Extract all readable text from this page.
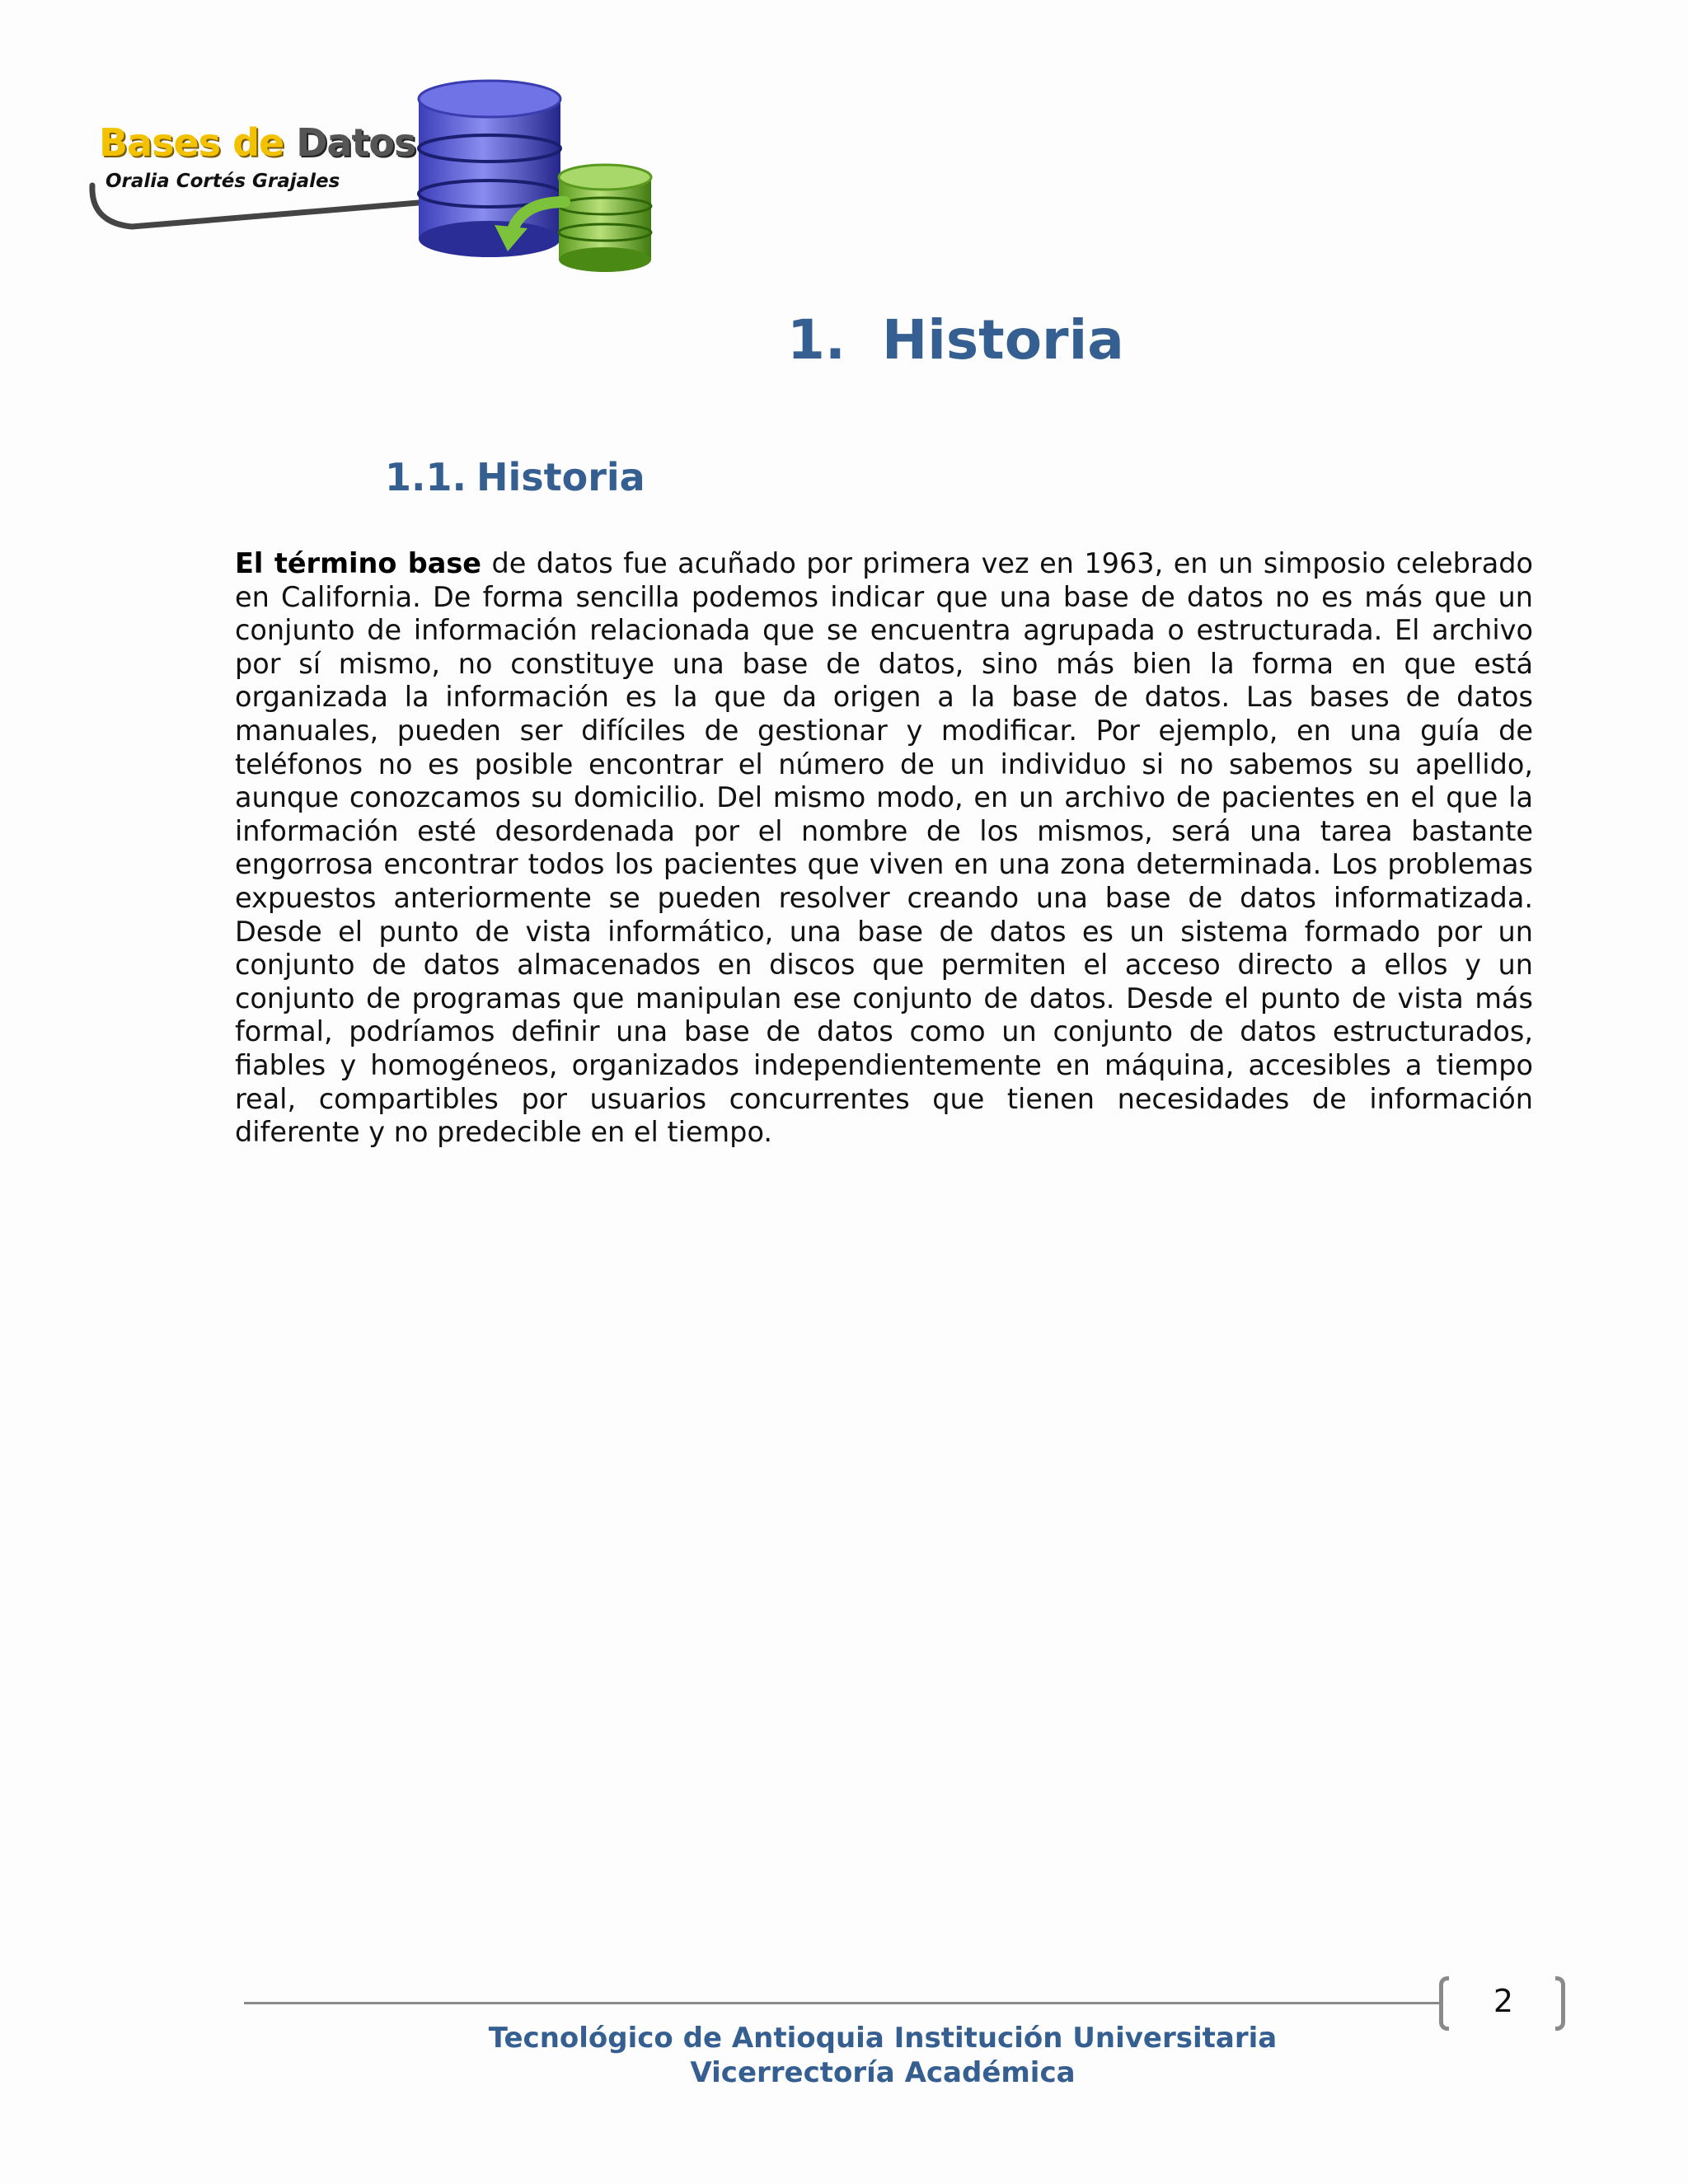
Bases de Datos
Oralia Cortés Grajales
1. Historia
1.1. Historia

El término base de datos fue acuñado por primera vez en 1963, en un simposio celebrado en California. De forma sencilla podemos indicar que una base de datos no es más que un conjunto de información relacionada que se encuentra agrupada o estructurada. El archivo por sí mismo, no constituye una base de datos, sino más bien la forma en que está organizada la información es la que da origen a la base de datos. Las bases de datos manuales, pueden ser difíciles de gestionar y modificar. Por ejemplo, en una guía de teléfonos no es posible encontrar el número de un individuo si no sabemos su apellido, aunque conozcamos su domicilio. Del mismo modo, en un archivo de pacientes en el que la información esté desordenada por el nombre de los mismos, será una tarea bastante engorrosa encontrar todos los pacientes que viven en una zona determinada. Los problemas expuestos anteriormente se pueden resolver creando una base de datos informatizada. Desde el punto de vista informático, una base de datos es un sistema formado por un conjunto de datos almacenados en discos que permiten el acceso directo a ellos y un conjunto de programas que manipulan ese conjunto de datos. Desde el punto de vista más formal, podríamos definir una base de datos como un conjunto de datos estructurados, fiables y homogéneos, organizados independientemente en máquina, accesibles a tiempo real, compartibles por usuarios concurrentes que tienen necesidades de información diferente y no predecible en el tiempo.

2
Tecnológico de Antioquia Institución Universitaria
Vicerrectoría Académica
